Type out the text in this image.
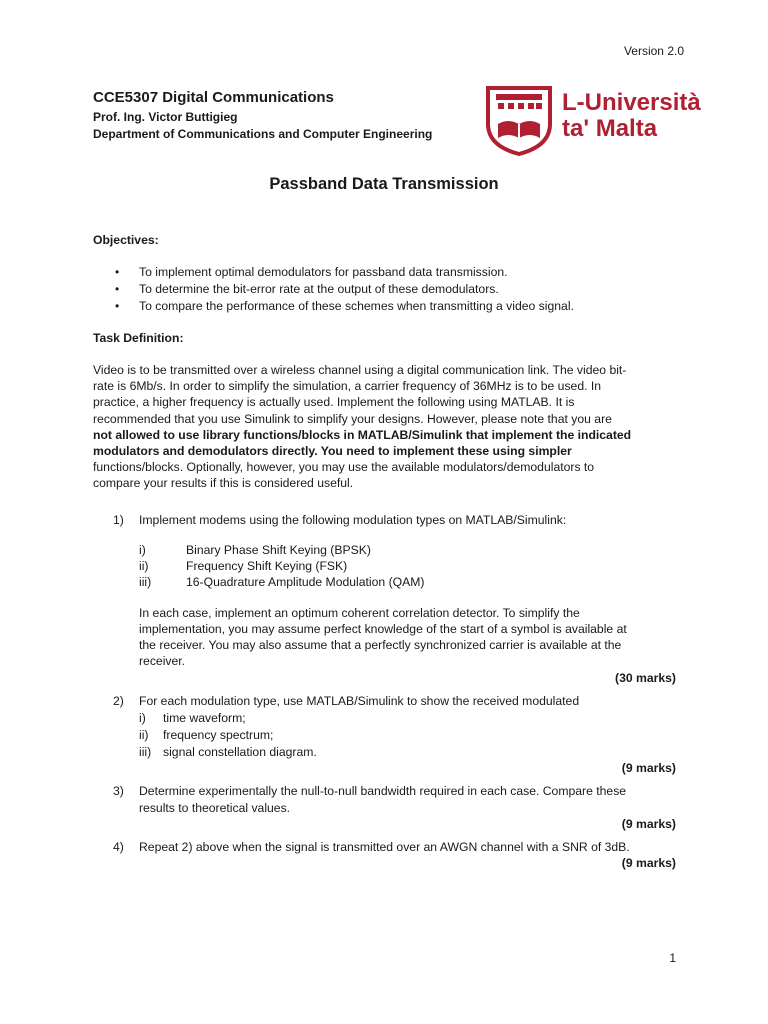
Version 2.0
CCE5307 Digital Communications
Prof. Ing. Victor Buttigieg
Department of Communications and Computer Engineering
L-Università
ta' Malta
Passband Data Transmission
Objectives:
• To implement optimal demodulators for passband data transmission.
• To determine the bit-error rate at the output of these demodulators.
• To compare the performance of these schemes when transmitting a video signal.
Task Definition:

Video is to be transmitted over a wireless channel using a digital communication link. The video bit-

rate is 6Mb/s. In order to simplify the simulation, a carrier frequency of 36MHz is to be used. In

practice, a higher frequency is actually used. Implement the following using MATLAB. It is

recommended that you use Simulink to simplify your designs. However, please note that you are

not allowed to use library functions/blocks in MATLAB/Simulink that implement the indicated

modulators and demodulators directly. You need to implement these using simpler

functions/blocks. Optionally, however, you may use the available modulators/demodulators to

compare your results if this is considered useful.

1) Implement modems using the following modulation types on MATLAB/Simulink:
i)	Binary Phase Shift Keying (BPSK)
ii)	Frequency Shift Keying (FSK)
iii)	16-Quadrature Amplitude Modulation (QAM)
In each case, implement an optimum coherent correlation detector. To simplify the
implementation, you may assume perfect knowledge of the start of a symbol is available at
the receiver. You may also assume that a perfectly synchronized carrier is available at the
receiver.
(30 marks)
2) For each modulation type, use MATLAB/Simulink to show the received modulated
i) time waveform;
ii) frequency spectrum;
iii) signal constellation diagram.
(9 marks)
3) Determine experimentally the null-to-null bandwidth required in each case. Compare these
results to theoretical values.
(9 marks)
4) Repeat 2) above when the signal is transmitted over an AWGN channel with a SNR of 3dB.
(9 marks)
1
